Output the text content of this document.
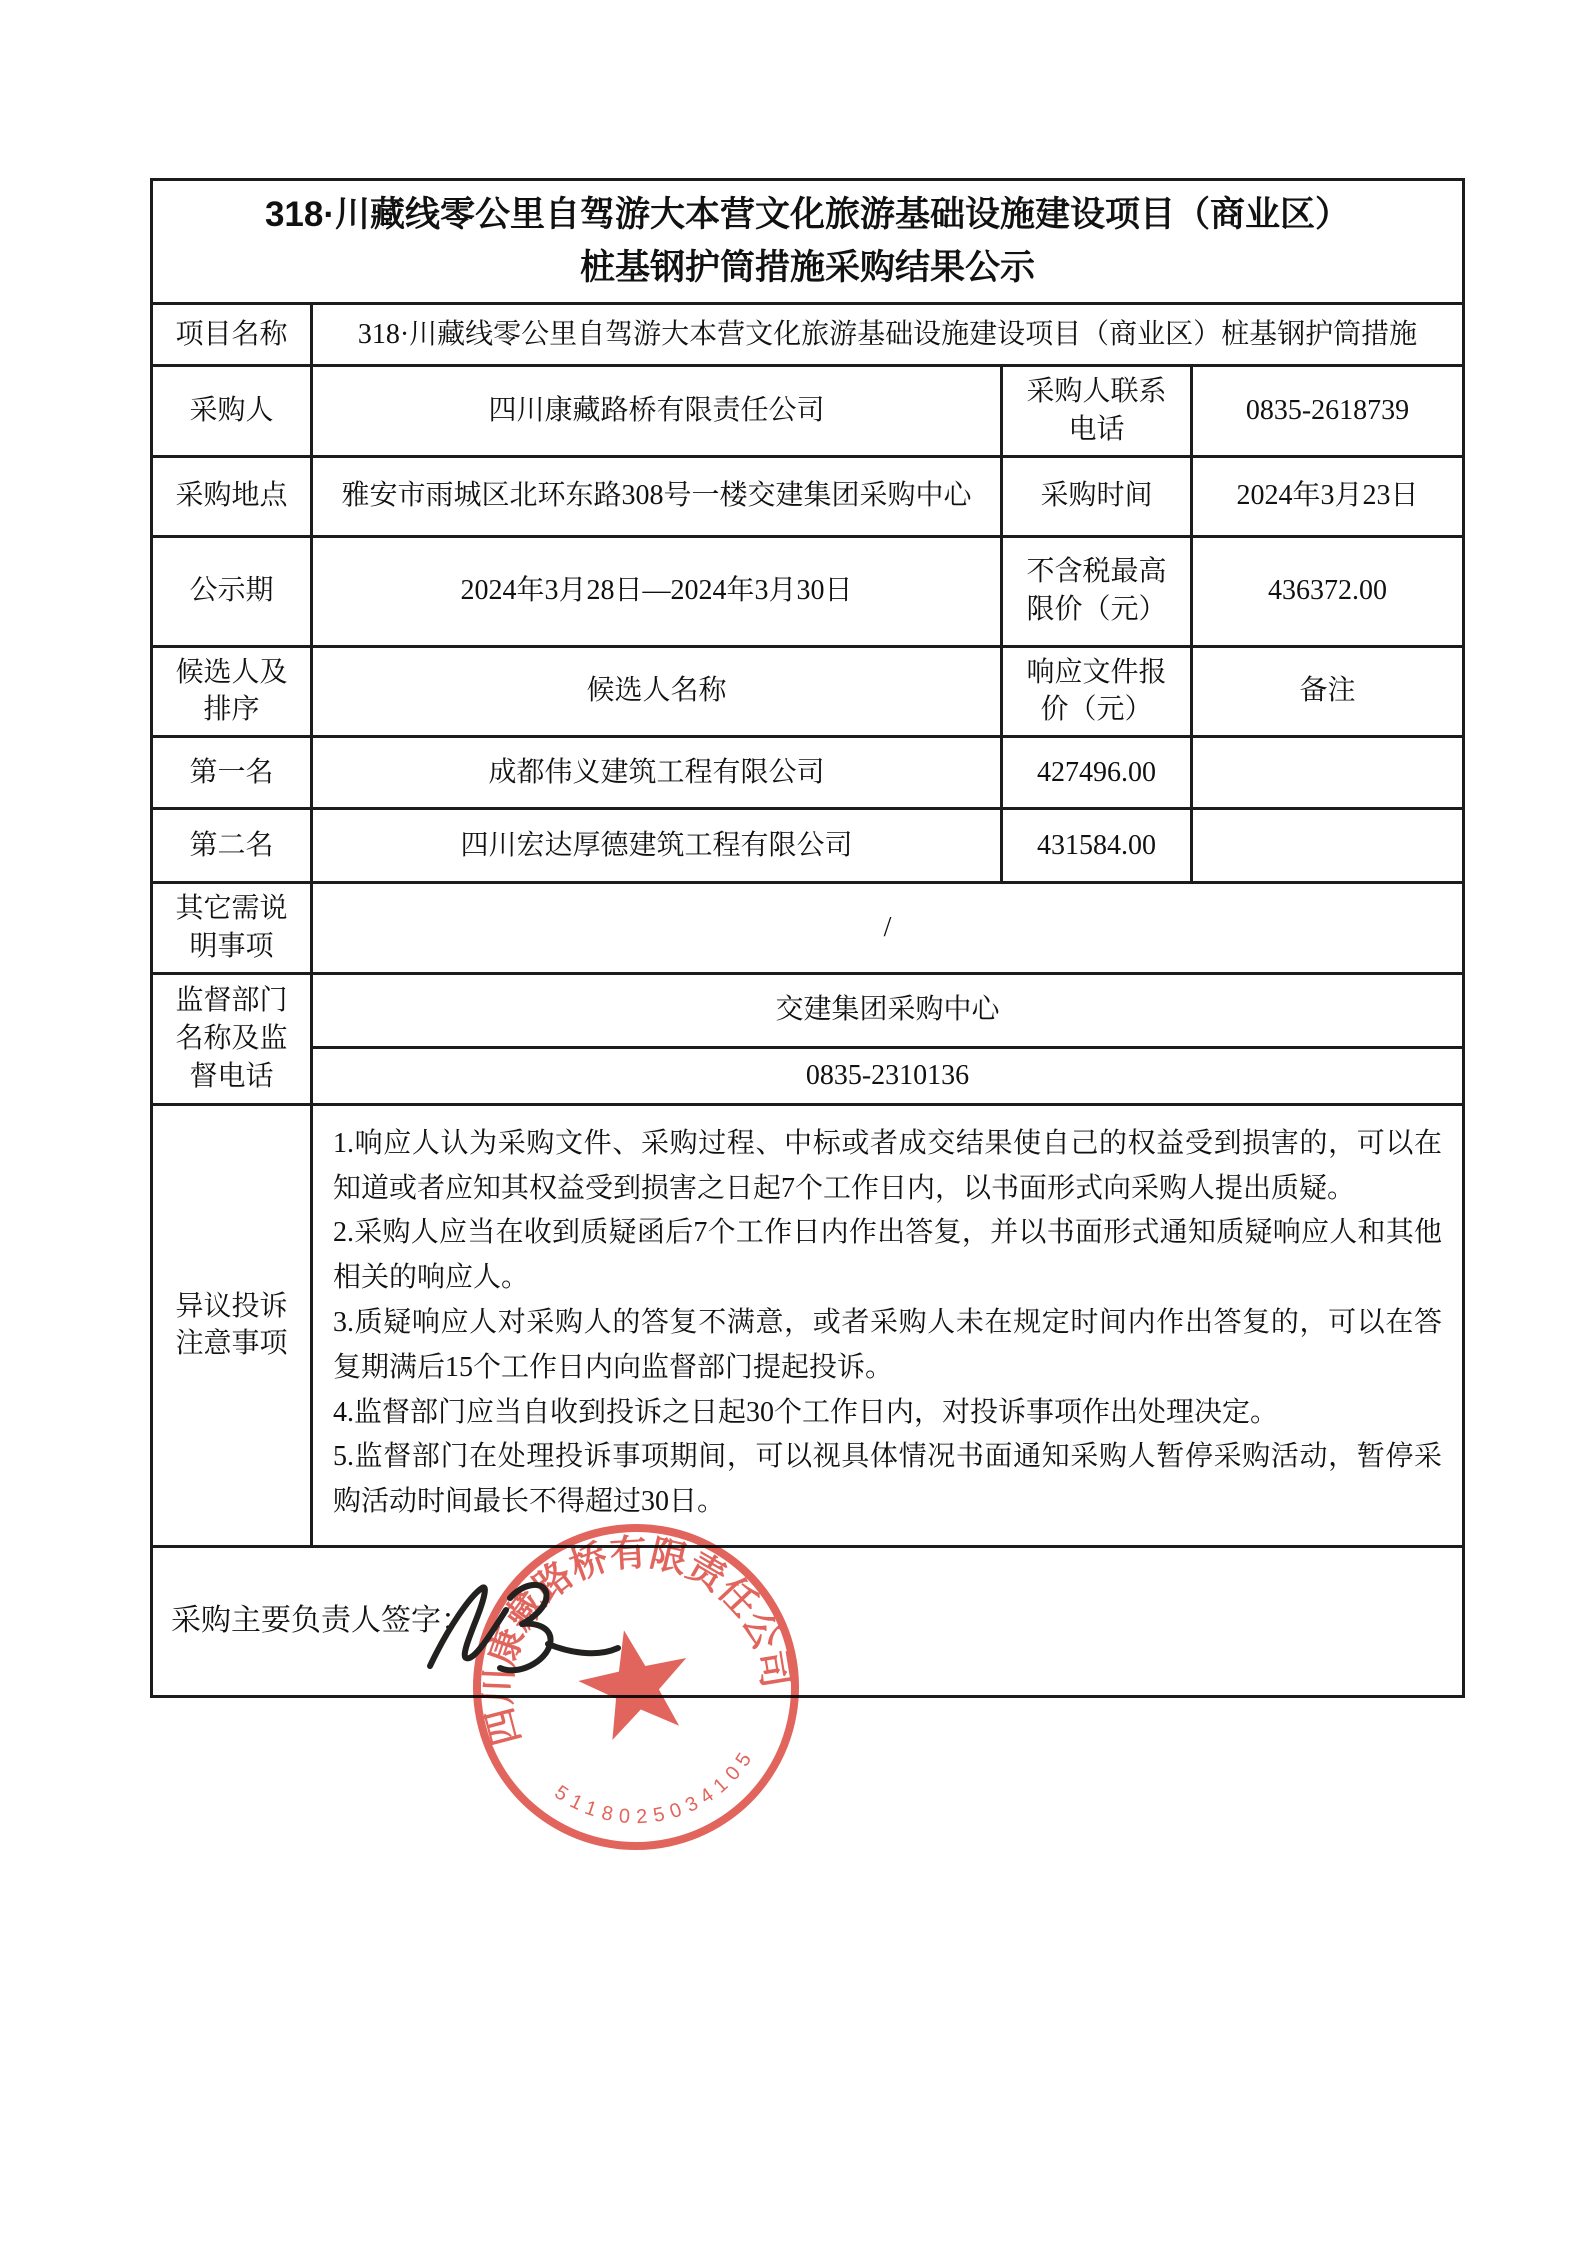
318·川藏线零公里自驾游大本营文化旅游基础设施建设项目（商业区）
桩基钢护筒措施采购结果公示			

项目名称	318·川藏线零公里自驾游大本营文化旅游基础设施建设项目（商业区）桩基钢护筒措施		
采购人	四川康藏路桥有限责任公司	采购人联系电话	0835-2618739
采购地点	雅安市雨城区北环东路308号一楼交建集团采购中心	采购时间	2024年3月23日
公示期	2024年3月28日—2024年3月30日	不含税最高限价（元）	436372.00
候选人及排序	候选人名称	响应文件报价（元）	备注
第一名	成都伟义建筑工程有限公司	427496.00	
第二名	四川宏达厚德建筑工程有限公司	431584.00	
其它需说明事项	/		
监督部门名称及监督电话	交建集团采购中心		
	0835-2310136		
异议投诉注意事项	1.响应人认为采购文件、采购过程、中标或者成交结果使自己的权益受到损害的，可以在知道或者应知其权益受到损害之日起7个工作日内，以书面形式向采购人提出质疑。
2.采购人应当在收到质疑函后7个工作日内作出答复，并以书面形式通知质疑响应人和其他相关的响应人。
3.质疑响应人对采购人的答复不满意，或者采购人未在规定时间内作出答复的，可以在答复期满后15个工作日内向监督部门提起投诉。
4.监督部门应当自收到投诉之日起30个工作日内，对投诉事项作出处理决定。
5.监督部门在处理投诉事项期间，可以视具体情况书面通知采购人暂停采购活动，暂停采购活动时间最长不得超过30日。		

采购主要负责人签字：
四川康藏路桥有限责任公司
5118025034105			
